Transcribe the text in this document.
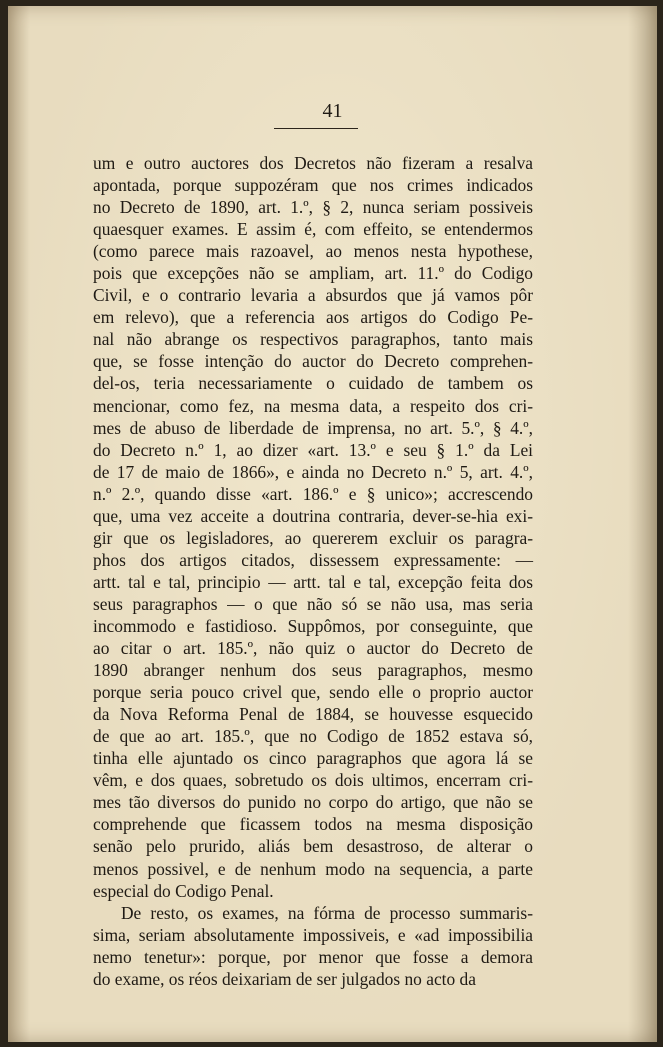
41
um e outro auctores dos Decretos não fizeram a resalva
apontada, porque suppozéram que nos crimes indicados
no Decreto de 1890, art. 1.º, § 2, nunca seriam possiveis
quaesquer exames. E assim é, com effeito, se entendermos
(como parece mais razoavel, ao menos nesta hypothese,
pois que excepções não se ampliam, art. 11.º do Codigo
Civil, e o contrario levaria a absurdos que já vamos pôr
em relevo), que a referencia aos artigos do Codigo Pe-
nal não abrange os respectivos paragraphos, tanto mais
que, se fosse intenção do auctor do Decreto comprehen-
del-os, teria necessariamente o cuidado de tambem os
mencionar, como fez, na mesma data, a respeito dos cri-
mes de abuso de liberdade de imprensa, no art. 5.º, § 4.º,
do Decreto n.º 1, ao dizer «art. 13.º e seu § 1.º da Lei
de 17 de maio de 1866», e ainda no Decreto n.º 5, art. 4.º,
n.º 2.º, quando disse «art. 186.º e § unico»; accrescendo
que, uma vez acceite a doutrina contraria, dever-se-hia exi-
gir que os legisladores, ao quererem excluir os paragra-
phos dos artigos citados, dissessem expressamente: —
artt. tal e tal, principio — artt. tal e tal, excepção feita dos
seus paragraphos — o que não só se não usa, mas seria
incommodo e fastidioso. Suppômos, por conseguinte, que
ao citar o art. 185.º, não quiz o auctor do Decreto de
1890 abranger nenhum dos seus paragraphos, mesmo
porque seria pouco crivel que, sendo elle o proprio auctor
da Nova Reforma Penal de 1884, se houvesse esquecido
de que ao art. 185.º, que no Codigo de 1852 estava só,
tinha elle ajuntado os cinco paragraphos que agora lá se
vêm, e dos quaes, sobretudo os dois ultimos, encerram cri-
mes tão diversos do punido no corpo do artigo, que não se
comprehende que ficassem todos na mesma disposição
senão pelo prurido, aliás bem desastroso, de alterar o
menos possivel, e de nenhum modo na sequencia, a parte
especial do Codigo Penal.
De resto, os exames, na fórma de processo summaris-
sima, seriam absolutamente impossiveis, e «ad impossibilia
nemo tenetur»: porque, por menor que fosse a demora
do exame, os réos deixariam de ser julgados no acto da
